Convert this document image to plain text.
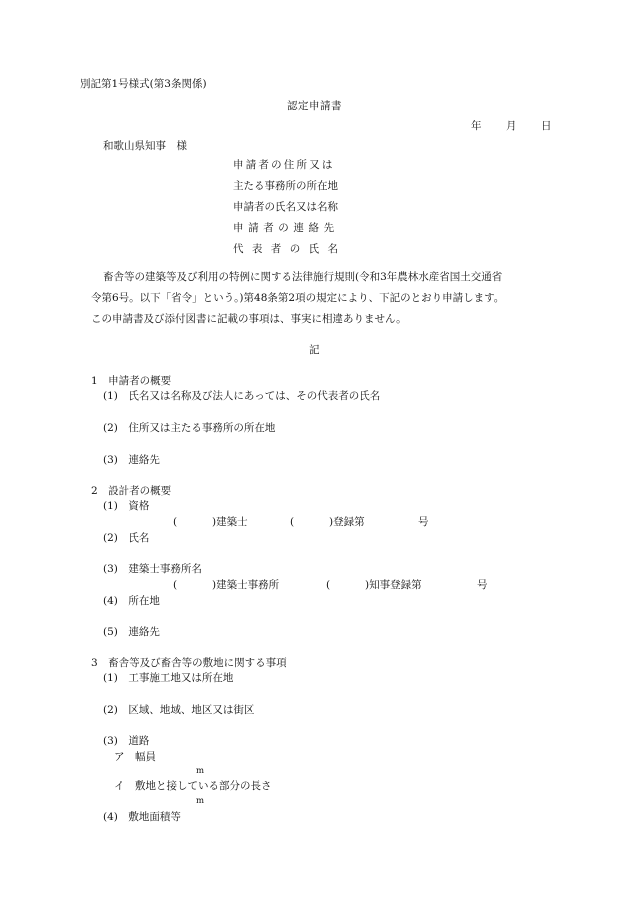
別記第1号様式(第3条関係)
認定申請書
年 月 日
和歌山県知事　様
申請者の住所又は
主たる事務所の所在地
申請者の氏名又は名称
申請者の連絡先
代表者の氏名
畜舎等の建築等及び利用の特例に関する法律施行規則(令和3年農林水産省国土交通省
令第6号。以下「省令」という。)第48条第2項の規定により、下記のとおり申請します。
この申請書及び添付図書に記載の事項は、事実に相違ありません。
記
1　申請者の概要
(1)　氏名又は名称及び法人にあっては、その代表者の氏名
(2)　住所又は主たる事務所の所在地
(3)　連絡先
2　設計者の概要
(1)　資格
(	)建築士	(	)登録第	号
(2)　氏名
(3)　建築士事務所名
(	)建築士事務所	(	)知事登録第	号
(4)　所在地
(5)　連絡先
3　畜舎等及び畜舎等の敷地に関する事項
(1)　工事施工地又は所在地
(2)　区域、地域、地区又は街区
(3)　道路
ア　幅員
m
イ　敷地と接している部分の長さ
m
(4)　敷地面積等
